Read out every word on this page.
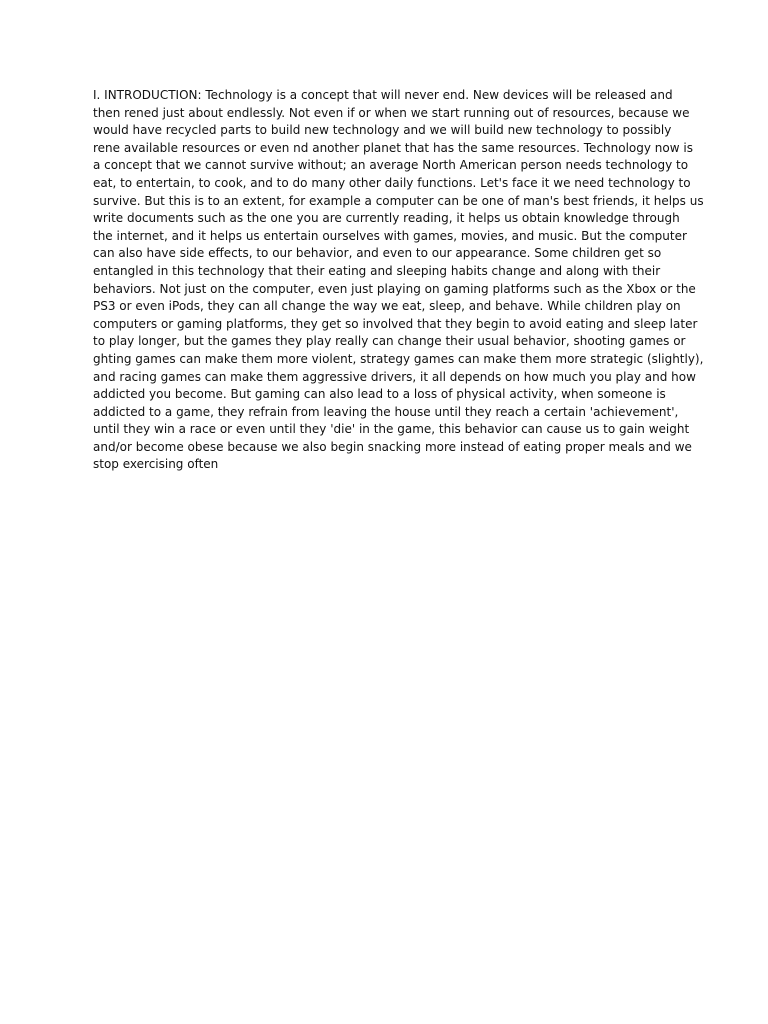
I. INTRODUCTION: Technology is a concept that will never end. New devices will be released and
then rened just about endlessly. Not even if or when we start running out of resources, because we
would have recycled parts to build new technology and we will build new technology to possibly
rene available resources or even nd another planet that has the same resources. Technology now is
a concept that we cannot survive without; an average North American person needs technology to
eat, to entertain, to cook, and to do many other daily functions. Let's face it we need technology to
survive. But this is to an extent, for example a computer can be one of man's best friends, it helps us
write documents such as the one you are currently reading, it helps us obtain knowledge through
the internet, and it helps us entertain ourselves with games, movies, and music. But the computer
can also have side effects, to our behavior, and even to our appearance. Some children get so
entangled in this technology that their eating and sleeping habits change and along with their
behaviors. Not just on the computer, even just playing on gaming platforms such as the Xbox or the
PS3 or even iPods, they can all change the way we eat, sleep, and behave. While children play on
computers or gaming platforms, they get so involved that they begin to avoid eating and sleep later
to play longer, but the games they play really can change their usual behavior, shooting games or
ghting games can make them more violent, strategy games can make them more strategic (slightly),
and racing games can make them aggressive drivers, it all depends on how much you play and how
addicted you become. But gaming can also lead to a loss of physical activity, when someone is
addicted to a game, they refrain from leaving the house until they reach a certain 'achievement',
until they win a race or even until they 'die' in the game, this behavior can cause us to gain weight
and/or become obese because we also begin snacking more instead of eating proper meals and we
stop exercising often
